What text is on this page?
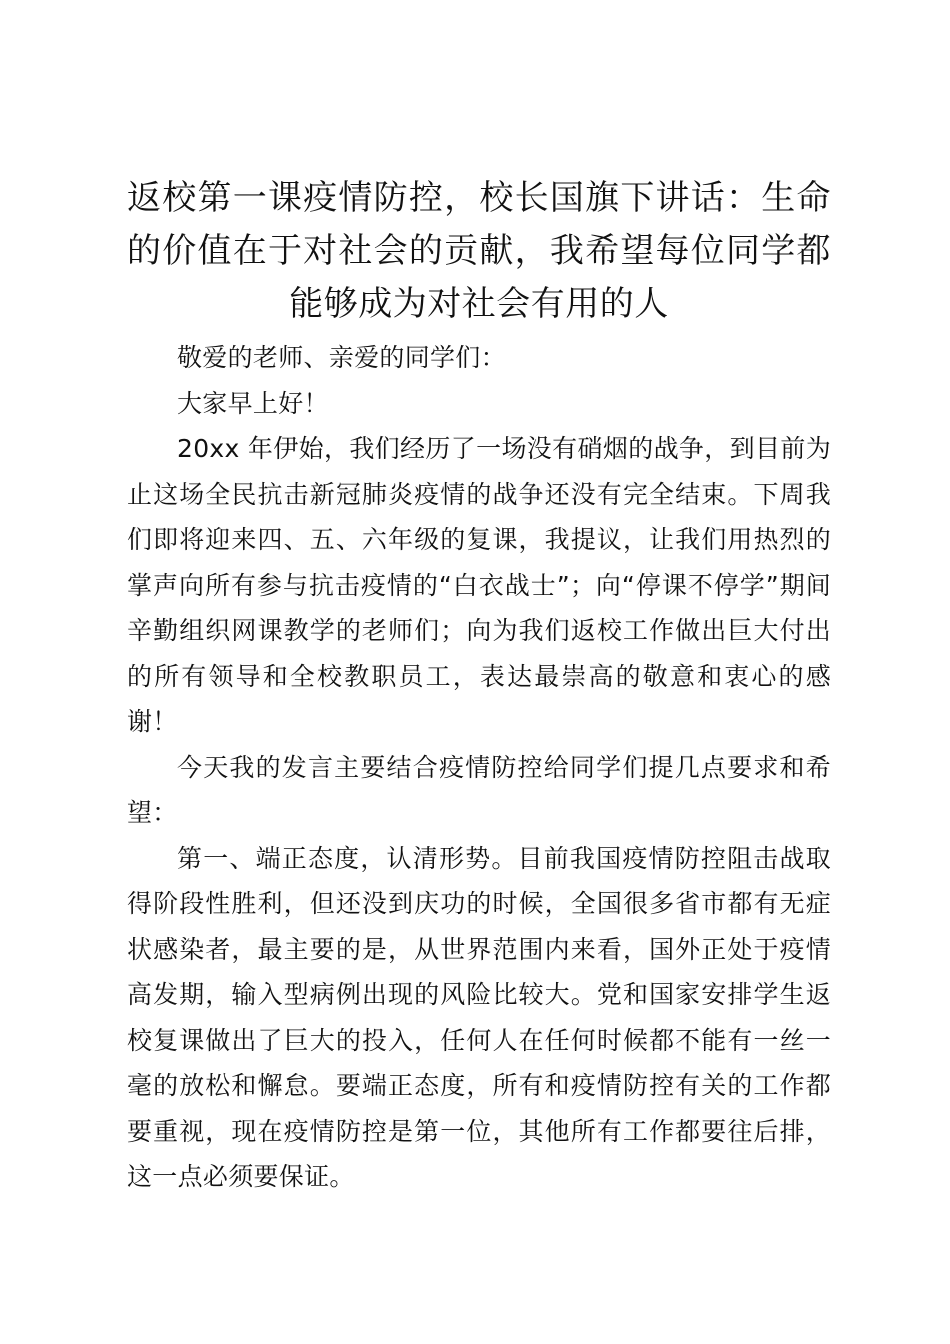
返校第一课疫情防控，校长国旗下讲话：生命的价值在于对社会的贡献，我希望每位同学都能够成为对社会有用的人

敬爱的老师、亲爱的同学们：

大家早上好！

20xx 年伊始，我们经历了一场没有硝烟的战争，到目前为止这场全民抗击新冠肺炎疫情的战争还没有完全结束。下周我们即将迎来四、五、六年级的复课，我提议，让我们用热烈的掌声向所有参与抗击疫情的“白衣战士”；向“停课不停学”期间辛勤组织网课教学的老师们；向为我们返校工作做出巨大付出的所有领导和全校教职员工，表达最崇高的敬意和衷心的感谢！

今天我的发言主要结合疫情防控给同学们提几点要求和希望：

第一、端正态度，认清形势。目前我国疫情防控阻击战取得阶段性胜利，但还没到庆功的时候，全国很多省市都有无症状感染者，最主要的是，从世界范围内来看，国外正处于疫情高发期，输入型病例出现的风险比较大。党和国家安排学生返校复课做出了巨大的投入，任何人在任何时候都不能有一丝一毫的放松和懈怠。要端正态度，所有和疫情防控有关的工作都要重视，现在疫情防控是第一位，其他所有工作都要往后排，这一点必须要保证。
